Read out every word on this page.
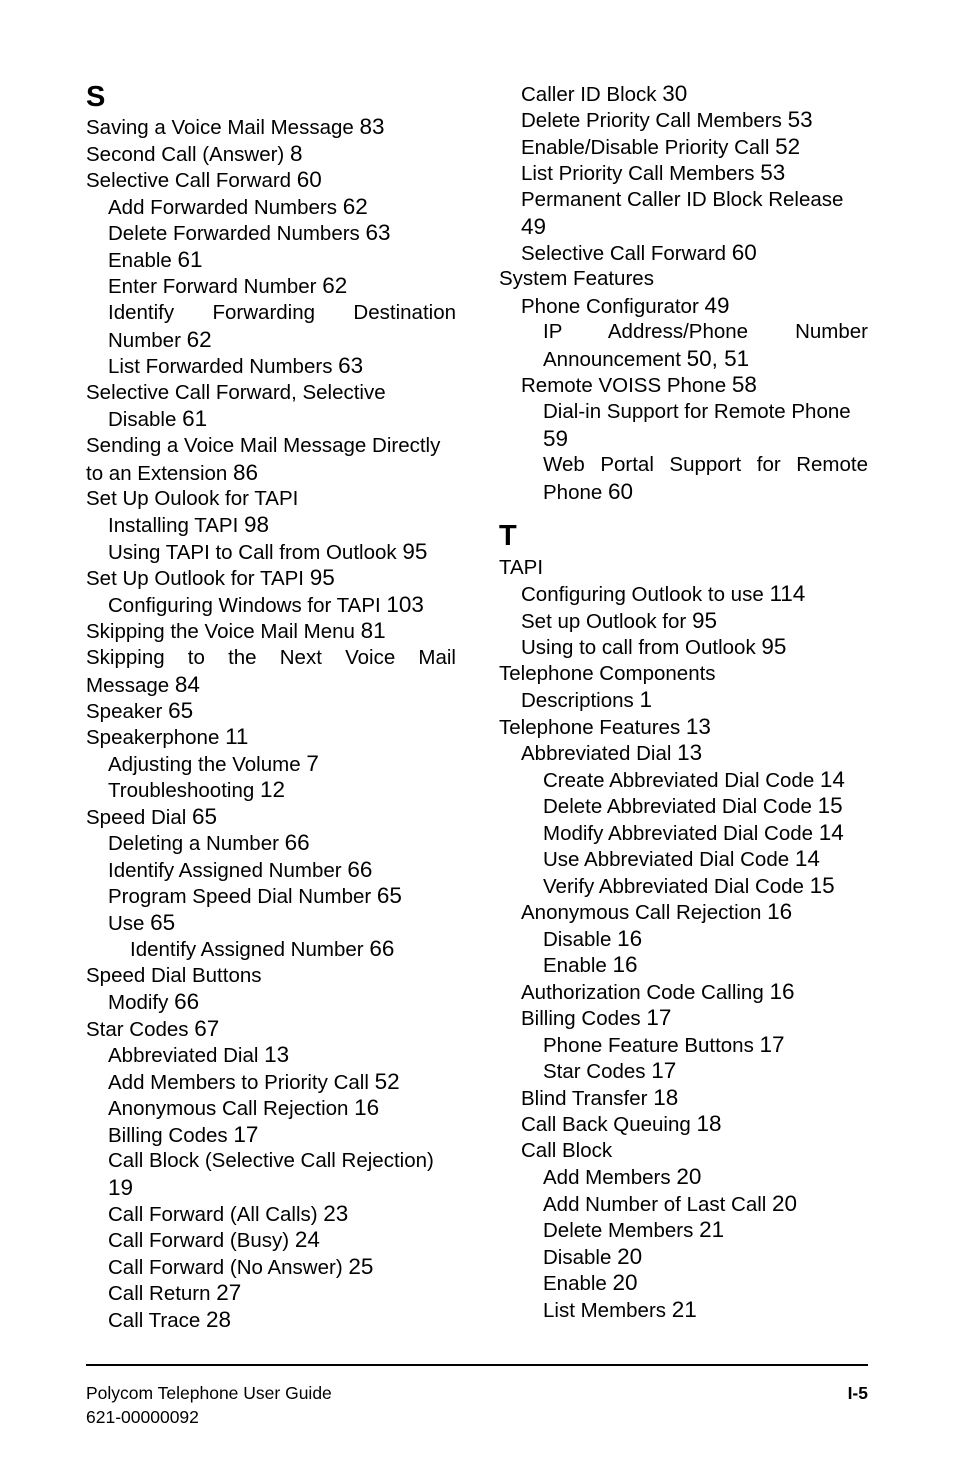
S
Saving a Voice Mail Message 83
Second Call (Answer) 8
Selective Call Forward 60
Add Forwarded Numbers 62
Delete Forwarded Numbers 63
Enable 61
Enter Forward Number 62
Identify Forwarding Destination Number 62
List Forwarded Numbers 63
Selective Call Forward, Selective
Disable 61
Sending a Voice Mail Message Directly to an Extension 86
Set Up Oulook for TAPI
Installing TAPI 98
Using TAPI to Call from Outlook 95
Set Up Outlook for TAPI 95
Configuring Windows for TAPI 103
Skipping the Voice Mail Menu 81
Skipping to the Next Voice Mail Message 84
Speaker 65
Speakerphone 11
Adjusting the Volume 7
Troubleshooting 12
Speed Dial 65
Deleting a Number 66
Identify Assigned Number 66
Program Speed Dial Number 65
Use 65
Identify Assigned Number 66
Speed Dial Buttons
Modify 66
Star Codes 67
Abbreviated Dial 13
Add Members to Priority Call 52
Anonymous Call Rejection 16
Billing Codes 17
Call Block (Selective Call Rejection) 19
Call Forward (All Calls) 23
Call Forward (Busy) 24
Call Forward (No Answer) 25
Call Return 27
Call Trace 28
Caller ID Block 30
Delete Priority Call Members 53
Enable/Disable Priority Call 52
List Priority Call Members 53
Permanent Caller ID Block Release 49
Selective Call Forward 60
System Features
Phone Configurator 49
IP Address/Phone Number Announcement 50, 51
Remote VOISS Phone 58
Dial-in Support for Remote Phone 59
Web Portal Support for Remote Phone 60
T
TAPI
Configuring Outlook to use 114
Set up Outlook for 95
Using to call from Outlook 95
Telephone Components
Descriptions 1
Telephone Features 13
Abbreviated Dial 13
Create Abbreviated Dial Code 14
Delete Abbreviated Dial Code 15
Modify Abbreviated Dial Code 14
Use Abbreviated Dial Code 14
Verify Abbreviated Dial Code 15
Anonymous Call Rejection 16
Disable 16
Enable 16
Authorization Code Calling 16
Billing Codes 17
Phone Feature Buttons 17
Star Codes 17
Blind Transfer 18
Call Back Queuing 18
Call Block
Add Members 20
Add Number of Last Call 20
Delete Members 21
Disable 20
Enable 20
List Members 21
Polycom Telephone User Guide
621-00000092
I-5
